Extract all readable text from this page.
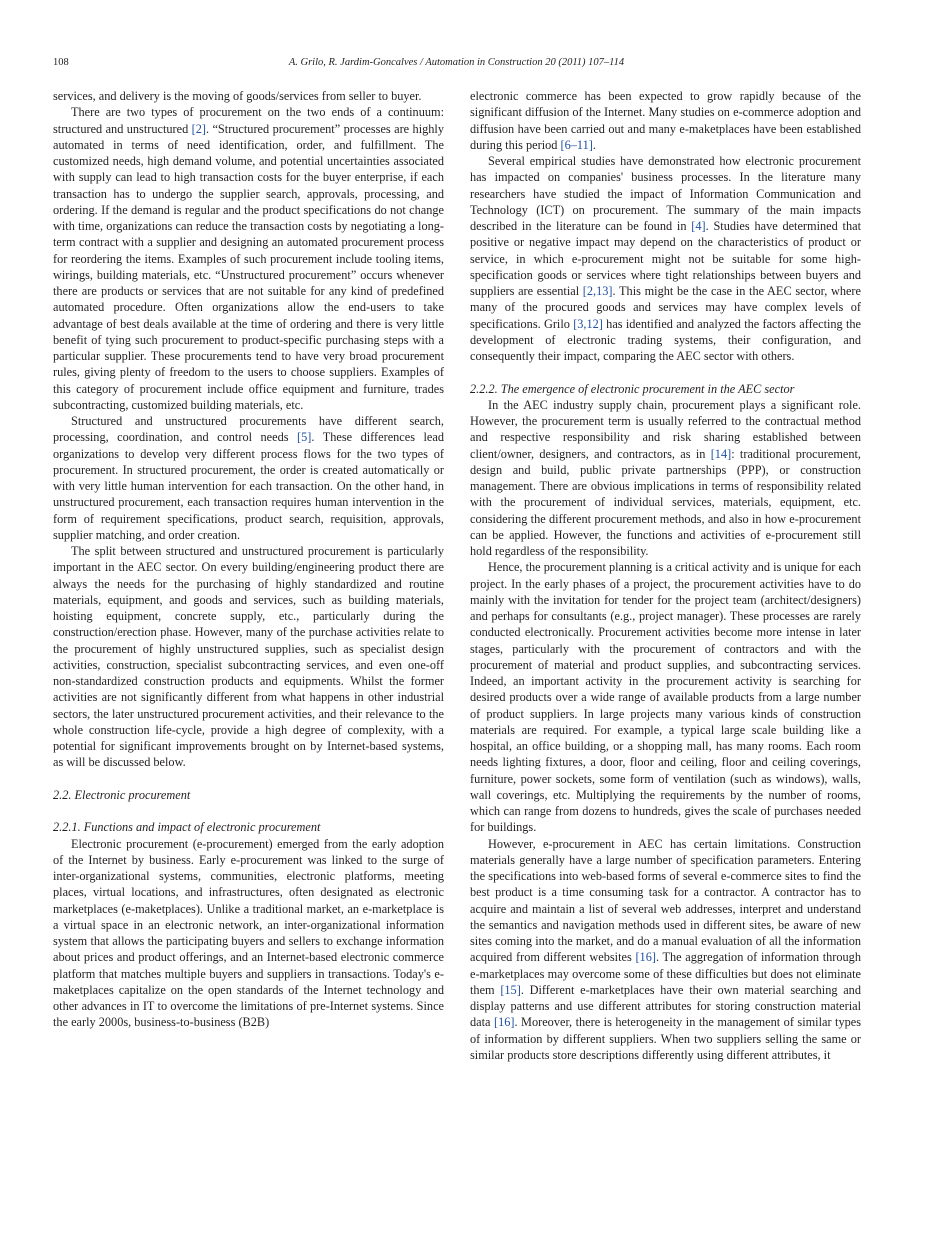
108	A. Grilo, R. Jardim-Goncalves / Automation in Construction 20 (2011) 107–114

services, and delivery is the moving of goods/services from seller to buyer.

There are two types of procurement on the two ends of a continuum: structured and unstructured [2]. “Structured procurement” processes are highly automated in terms of need identification, order, and fulfillment. The customized needs, high demand volume, and potential uncertainties associated with supply can lead to high transaction costs for the buyer enterprise, if each transaction has to undergo the supplier search, approvals, processing, and ordering. If the demand is regular and the product specifications do not change with time, organizations can reduce the transaction costs by negotiating a long-term contract with a supplier and designing an automated procurement process for reordering the items. Examples of such procurement include tooling items, wirings, building materials, etc. “Unstructured procurement” occurs whenever there are products or services that are not suitable for any kind of predefined automated procedure. Often organizations allow the end-users to take advantage of best deals available at the time of ordering and there is very little benefit of tying such procurement to product-specific purchasing steps with a particular supplier. These procurements tend to have very broad procurement rules, giving plenty of freedom to the users to choose suppliers. Examples of this category of procurement include office equipment and furniture, trades subcontracting, customized building materials, etc.

Structured and unstructured procurements have different search, processing, coordination, and control needs [5]. These differences lead organizations to develop very different process flows for the two types of procurement. In structured procurement, the order is created automatically or with very little human intervention for each transaction. On the other hand, in unstructured procurement, each transaction requires human intervention in the form of requirement specifications, product search, requisition, approvals, supplier matching, and order creation.

The split between structured and unstructured procurement is particularly important in the AEC sector. On every building/engineering product there are always the needs for the purchasing of highly standardized and routine materials, equipment, and goods and services, such as building materials, hoisting equipment, concrete supply, etc., particularly during the construction/erection phase. However, many of the purchase activities relate to the procurement of highly unstructured supplies, such as specialist design activities, construction, specialist subcontracting services, and even one-off non-standardized construction products and equipments. Whilst the former activities are not significantly different from what happens in other industrial sectors, the later unstructured procurement activities, and their relevance to the whole construction life-cycle, provide a high degree of complexity, with a potential for significant improvements brought on by Internet-based systems, as will be discussed below.

2.2. Electronic procurement

2.2.1. Functions and impact of electronic procurement

Electronic procurement (e-procurement) emerged from the early adoption of the Internet by business. Early e-procurement was linked to the surge of inter-organizational systems, communities, electronic platforms, meeting places, virtual locations, and infrastructures, often designated as electronic marketplaces (e-maketplaces). Unlike a traditional market, an e-marketplace is a virtual space in an electronic network, an inter-organizational information system that allows the participating buyers and sellers to exchange information about prices and product offerings, and an Internet-based electronic commerce platform that matches multiple buyers and suppliers in transactions. Today's e-maketplaces capitalize on the open standards of the Internet technology and other advances in IT to overcome the limitations of pre-Internet systems. Since the early 2000s, business-to-business (B2B)

electronic commerce has been expected to grow rapidly because of the significant diffusion of the Internet. Many studies on e-commerce adoption and diffusion have been carried out and many e-maketplaces have been established during this period [6–11].

Several empirical studies have demonstrated how electronic procurement has impacted on companies' business processes. In the literature many researchers have studied the impact of Information Communication and Technology (ICT) on procurement. The summary of the main impacts described in the literature can be found in [4]. Studies have determined that positive or negative impact may depend on the characteristics of product or service, in which e-procurement might not be suitable for some high-specification goods or services where tight relationships between buyers and suppliers are essential [2,13]. This might be the case in the AEC sector, where many of the procured goods and services may have complex levels of specifications. Grilo [3,12] has identified and analyzed the factors affecting the development of electronic trading systems, their configuration, and consequently their impact, comparing the AEC sector with others.

2.2.2. The emergence of electronic procurement in the AEC sector

In the AEC industry supply chain, procurement plays a significant role. However, the procurement term is usually referred to the contractual method and respective responsibility and risk sharing established between client/owner, designers, and contractors, as in [14]: traditional procurement, design and build, public private partnerships (PPP), or construction management. There are obvious implications in terms of responsibility related with the procurement of individual services, materials, equipment, etc. considering the different procurement methods, and also in how e-procurement can be applied. However, the functions and activities of e-procurement still hold regardless of the responsibility.

Hence, the procurement planning is a critical activity and is unique for each project. In the early phases of a project, the procurement activities have to do mainly with the invitation for tender for the project team (architect/designers) and perhaps for consultants (e.g., project manager). These processes are rarely conducted electronically. Procurement activities become more intense in later stages, particularly with the procurement of contractors and with the procurement of material and product supplies, and subcontracting services. Indeed, an important activity in the procurement activity is searching for desired products over a wide range of available products from a large number of product suppliers. In large projects many various kinds of construction materials are required. For example, a typical large scale building like a hospital, an office building, or a shopping mall, has many rooms. Each room needs lighting fixtures, a door, floor and ceiling, floor and ceiling coverings, furniture, power sockets, some form of ventilation (such as windows), walls, wall coverings, etc. Multiplying the requirements by the number of rooms, which can range from dozens to hundreds, gives the scale of purchases needed for buildings.

However, e-procurement in AEC has certain limitations. Construction materials generally have a large number of specification parameters. Entering the specifications into web-based forms of several e-commerce sites to find the best product is a time consuming task for a contractor. A contractor has to acquire and maintain a list of several web addresses, interpret and understand the semantics and navigation methods used in different sites, be aware of new sites coming into the market, and do a manual evaluation of all the information acquired from different websites [16]. The aggregation of information through e-marketplaces may overcome some of these difficulties but does not eliminate them [15]. Different e-marketplaces have their own material searching and display patterns and use different attributes for storing construction material data [16]. Moreover, there is heterogeneity in the management of similar types of information by different suppliers. When two suppliers selling the same or similar products store descriptions differently using different attributes, it
